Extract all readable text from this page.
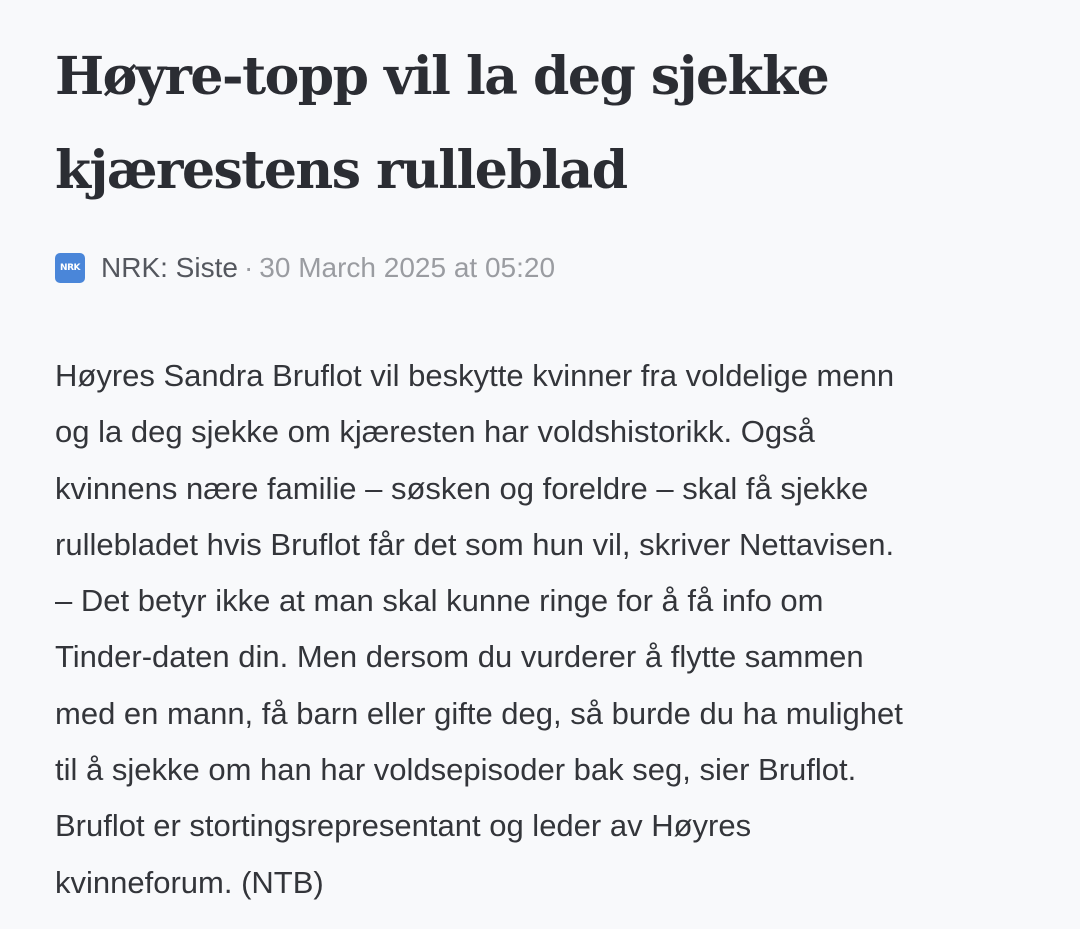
Høyre-topp vil la deg sjekke
kjærestens rulleblad
NRK NRK: Siste · 30 March 2025 at 05:20

Høyres Sandra Bruflot vil beskytte kvinner fra voldelige menn
og la deg sjekke om kjæresten har voldshistorikk. Også
kvinnens nære familie – søsken og foreldre – skal få sjekke
rullebladet hvis Bruflot får det som hun vil, skriver Nettavisen.
– Det betyr ikke at man skal kunne ringe for å få info om
Tinder-daten din. Men dersom du vurderer å flytte sammen
med en mann, få barn eller gifte deg, så burde du ha mulighet
til å sjekke om han har voldsepisoder bak seg, sier Bruflot.
Bruflot er stortingsrepresentant og leder av Høyres
kvinneforum. (NTB)
